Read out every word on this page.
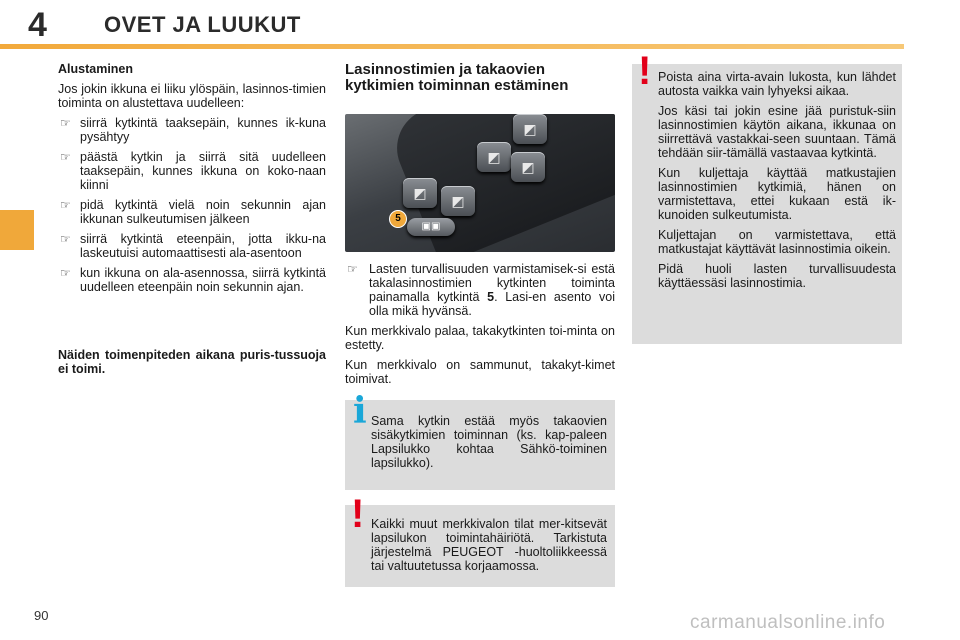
4	OVET JA LUUKUT
Alustaminen

Jos jokin ikkuna ei liiku ylöspäin, lasinnos-timien toiminta on alustettava uudelleen:

☞ siirrä kytkintä taaksepäin, kunnes ik-kuna pysähtyy
☞ päästä kytkin ja siirrä sitä uudelleen taaksepäin, kunnes ikkuna on koko-naan kiinni
☞ pidä kytkintä vielä noin sekunnin ajan ikkunan sulkeutumisen jälkeen
☞ siirrä kytkintä eteenpäin, jotta ikku-na laskeutuisi automaattisesti ala-asentoon
☞ kun ikkuna on ala-asennossa, siirrä kytkintä uudelleen eteenpäin noin sekunnin ajan.
Näiden toimenpiteden aikana puris-tussuoja ei toimi.
Lasinnostimien ja takaovien kytkimien toiminnan estäminen
◩
◩
◩
◩	◩
▣▣
5
☞ Lasten turvallisuuden varmistamisek-si estä takalasinnostimien kytkinten toiminta painamalla kytkintä 5. Lasi-en asento voi olla mikä hyvänsä.

Kun merkkivalo palaa, takakytkinten toi-minta on estetty.

Kun merkkivalo on sammunut, takakyt-kimet toimivat.

i Sama kytkin estää myös takaovien sisäkytkimien toiminnan (ks. kap-paleen Lapsilukko kohtaa Sähkö-toiminen lapsilukko).
! Kaikki muut merkkivalon tilat mer-kitsevät lapsilukon toimintahäiriötä. Tarkistuta järjestelmä PEUGEOT -huoltoliikkeessä tai valtuutetussa korjaamossa.
! Poista aina virta-avain lukosta, kun lähdet autosta vaikka vain lyhyeksi aikaa.

Jos käsi tai jokin esine jää puristuk-siin lasinnostimien käytön aikana, ikkunaa on siirrettävä vastakkai-seen suuntaan. Tämä tehdään siir-tämällä vastaavaa kytkintä.

Kun kuljettaja käyttää matkustajien lasinnostimien kytkimiä, hänen on varmistettava, ettei kukaan estä ik-kunoiden sulkeutumista.

Kuljettajan on varmistettava, että matkustajat käyttävät lasinnostimia oikein.

Pidä huoli lasten turvallisuudesta käyttäessäsi lasinnostimia.

90	carmanualsonline.info
